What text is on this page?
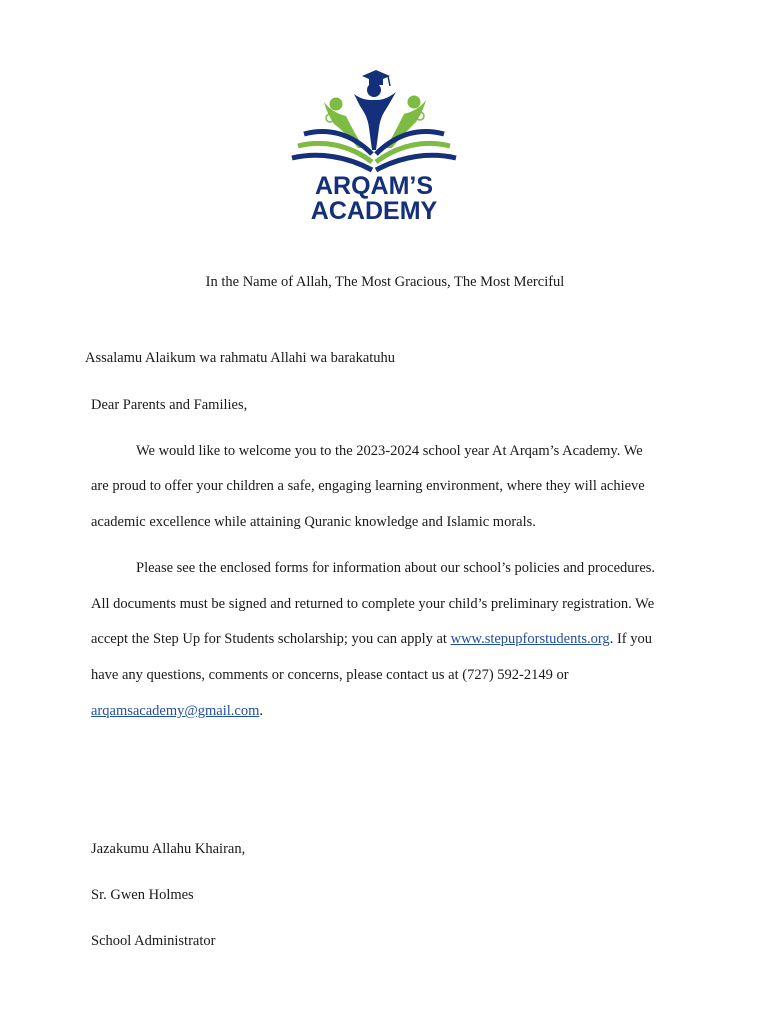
ARQAM’S
ACADEMY
In the Name of Allah, The Most Gracious, The Most Merciful
Assalamu Alaikum wa rahmatu Allahi wa barakatuhu
Dear Parents and Families,
We would like to welcome you to the 2023-2024 school year At Arqam’s Academy. We
are proud to offer your children a safe, engaging learning environment, where they will achieve
academic excellence while attaining Quranic knowledge and Islamic morals.
Please see the enclosed forms for information about our school’s policies and procedures.
All documents must be signed and returned to complete your child’s preliminary registration. We
accept the Step Up for Students scholarship; you can apply at www.stepupforstudents.org. If you
have any questions, comments or concerns, please contact us at (727) 592-2149 or
arqamsacademy@gmail.com.
Jazakumu Allahu Khairan,
Sr. Gwen Holmes
School Administrator
